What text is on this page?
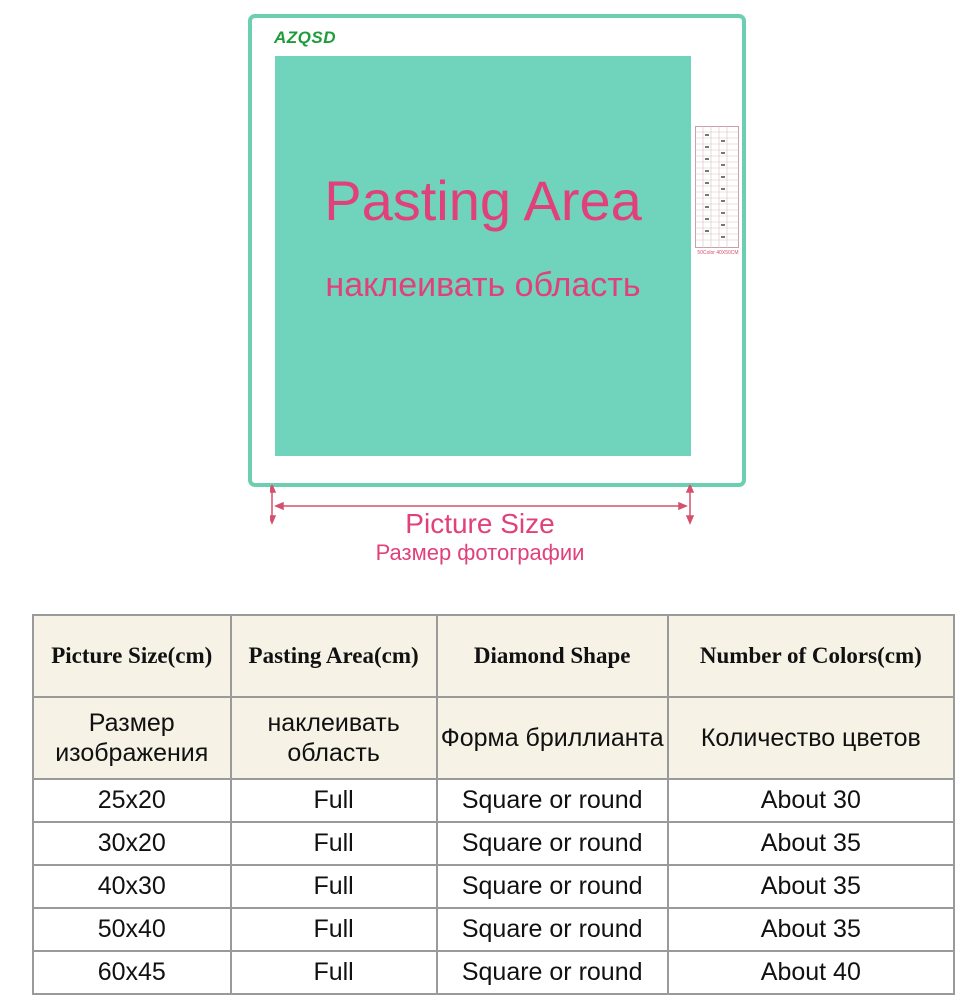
AZQSD
Pasting Area
наклеивать область
50Color 40X50CM
Picture Size
Размер фотографии
Picture Size(cm)	Pasting Area(cm)	Diamond Shape	Number of Colors(cm)
Размер изображения	наклеивать область	Форма бриллианта	Количество цветов
25x20	Full	Square or round	About 30
30x20	Full	Square or round	About 35
40x30	Full	Square or round	About 35
50x40	Full	Square or round	About 35
60x45	Full	Square or round	About 40
